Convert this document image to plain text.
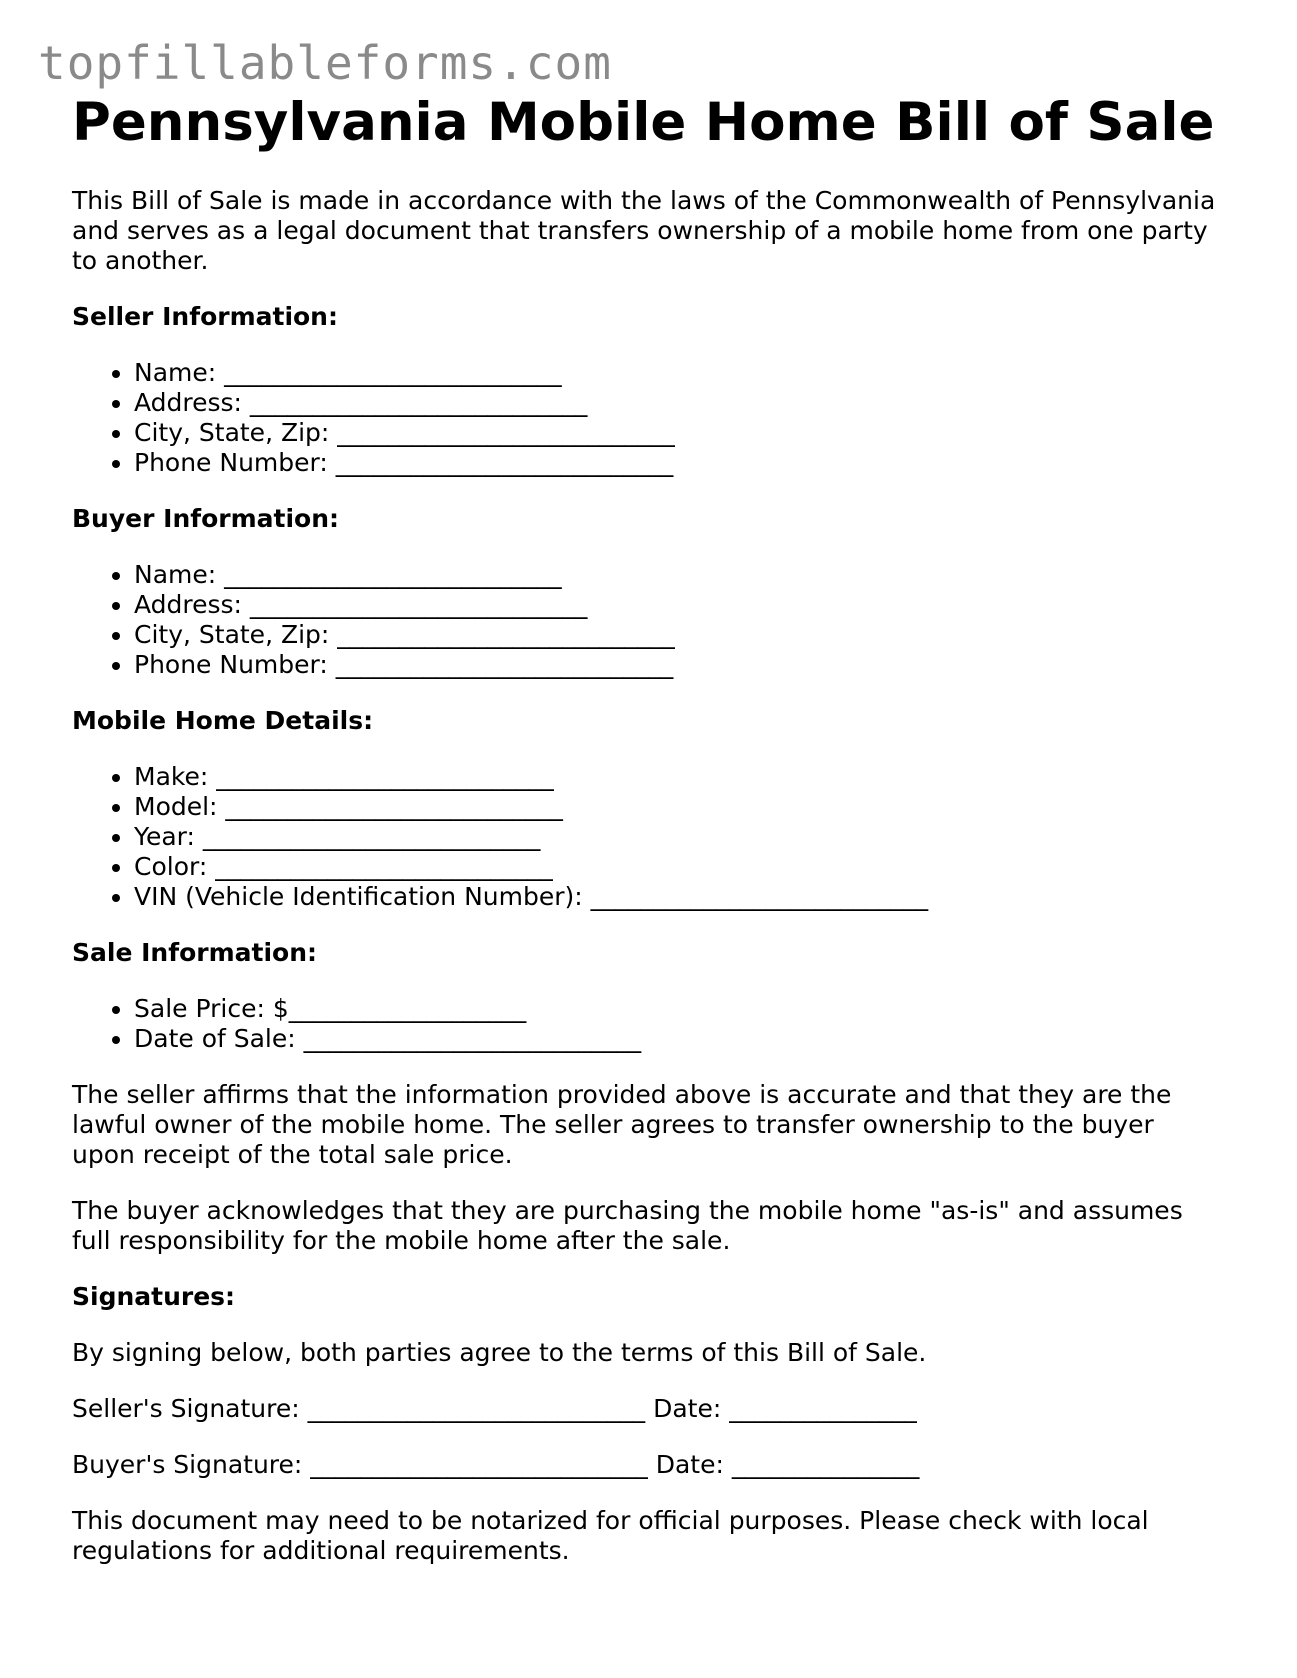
topfillableforms.com
Pennsylvania Mobile Home Bill of Sale

This Bill of Sale is made in accordance with the laws of the Commonwealth of Pennsylvania and serves as a legal document that transfers ownership of a mobile home from one party to another.

Seller Information:
• Name: ___________________________
• Address: ___________________________
• City, State, Zip: ___________________________
• Phone Number: ___________________________
Buyer Information:
• Name: ___________________________
• Address: ___________________________
• City, State, Zip: ___________________________
• Phone Number: ___________________________
Mobile Home Details:
• Make: ___________________________
• Model: ___________________________
• Year: ___________________________
• Color: ___________________________
• VIN (Vehicle Identification Number): ___________________________
Sale Information:
• Sale Price: $___________________
• Date of Sale: ___________________________

The seller affirms that the information provided above is accurate and that they are the lawful owner of the mobile home. The seller agrees to transfer ownership to the buyer upon receipt of the total sale price.

The buyer acknowledges that they are purchasing the mobile home "as-is" and assumes full responsibility for the mobile home after the sale.

Signatures:

By signing below, both parties agree to the terms of this Bill of Sale.

Seller's Signature: ___________________________ Date: _______________

Buyer's Signature: ___________________________ Date: _______________

This document may need to be notarized for official purposes. Please check with local regulations for additional requirements.
